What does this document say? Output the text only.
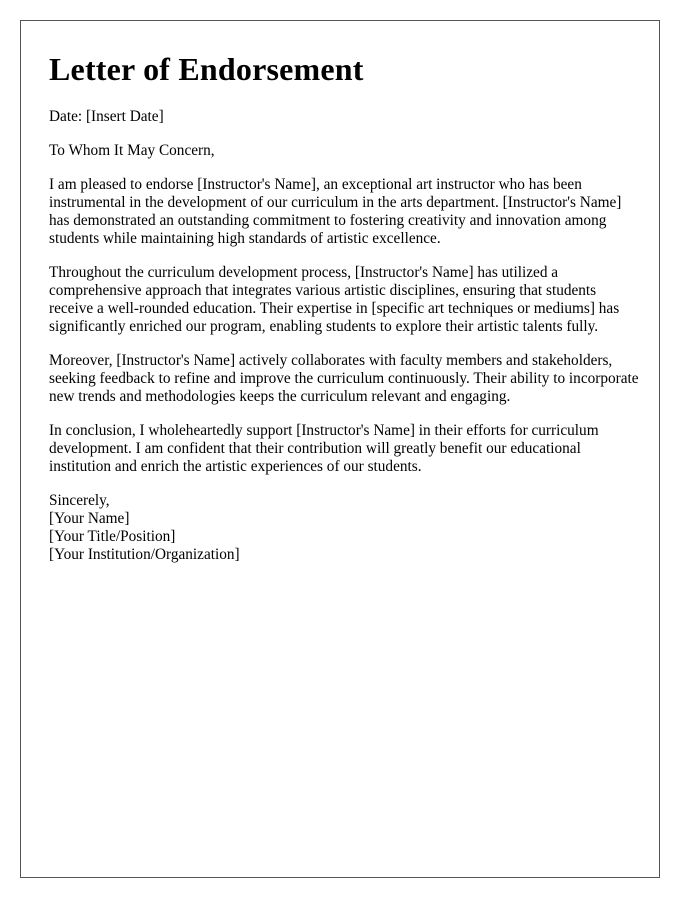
Letter of Endorsement

Date: [Insert Date]

To Whom It May Concern,

I am pleased to endorse [Instructor's Name], an exceptional art instructor who has been instrumental in the development of our curriculum in the arts department. [Instructor's Name] has demonstrated an outstanding commitment to fostering creativity and innovation among students while maintaining high standards of artistic excellence.

Throughout the curriculum development process, [Instructor's Name] has utilized a comprehensive approach that integrates various artistic disciplines, ensuring that students receive a well-rounded education. Their expertise in [specific art techniques or mediums] has significantly enriched our program, enabling students to explore their artistic talents fully.

Moreover, [Instructor's Name] actively collaborates with faculty members and stakeholders, seeking feedback to refine and improve the curriculum continuously. Their ability to incorporate new trends and methodologies keeps the curriculum relevant and engaging.

In conclusion, I wholeheartedly support [Instructor's Name] in their efforts for curriculum development. I am confident that their contribution will greatly benefit our educational institution and enrich the artistic experiences of our students.

Sincerely,

[Your Name]

[Your Title/Position]

[Your Institution/Organization]
